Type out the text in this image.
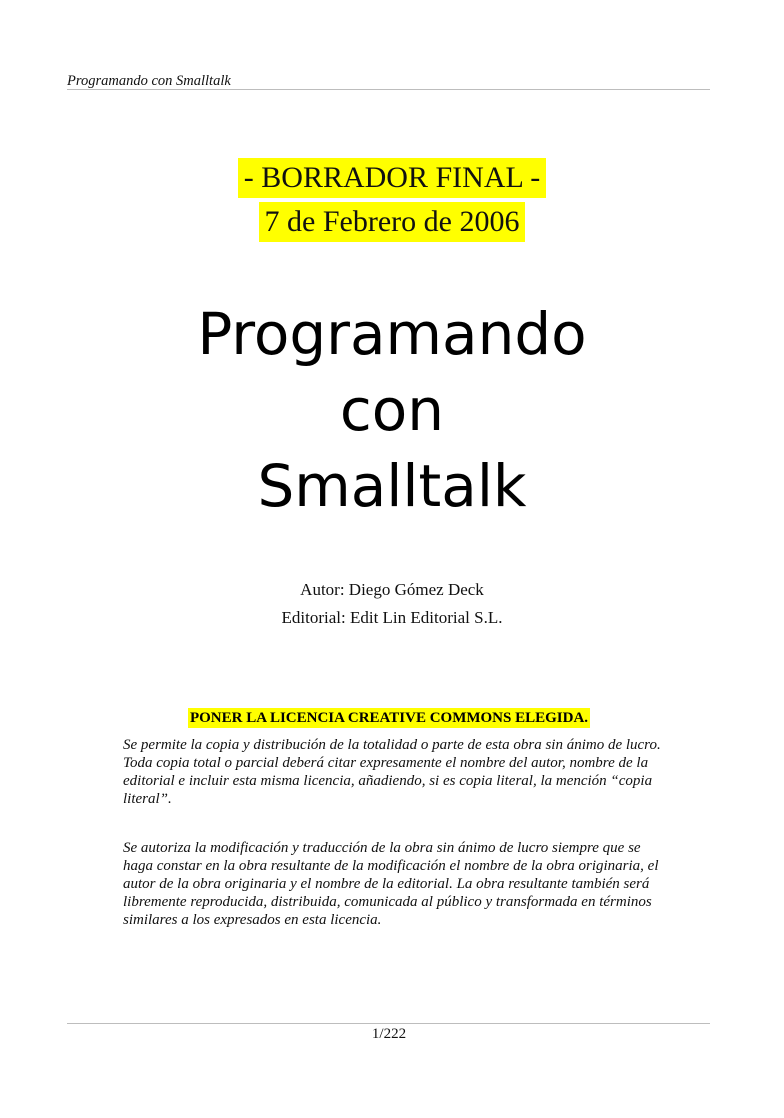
Programando con Smalltalk
- BORRADOR FINAL -
7 de Febrero de 2006
Programando
con
Smalltalk
Autor: Diego Gómez Deck
Editorial: Edit Lin Editorial S.L.
PONER LA LICENCIA CREATIVE COMMONS ELEGIDA.
Se permite la copia y distribución de la totalidad o parte de esta obra sin ánimo de lucro. Toda copia total o parcial deberá citar expresamente el nombre del autor, nombre de la editorial e incluir esta misma licencia, añadiendo, si es copia literal, la mención “copia literal”.
Se autoriza la modificación y traducción de la obra sin ánimo de lucro siempre que se haga constar en la obra resultante de la modificación el nombre de la obra originaria, el autor de la obra originaria y el nombre de la editorial. La obra resultante también será libremente reproducida, distribuida, comunicada al público y transformada en términos similares a los expresados en esta licencia.
1/222
